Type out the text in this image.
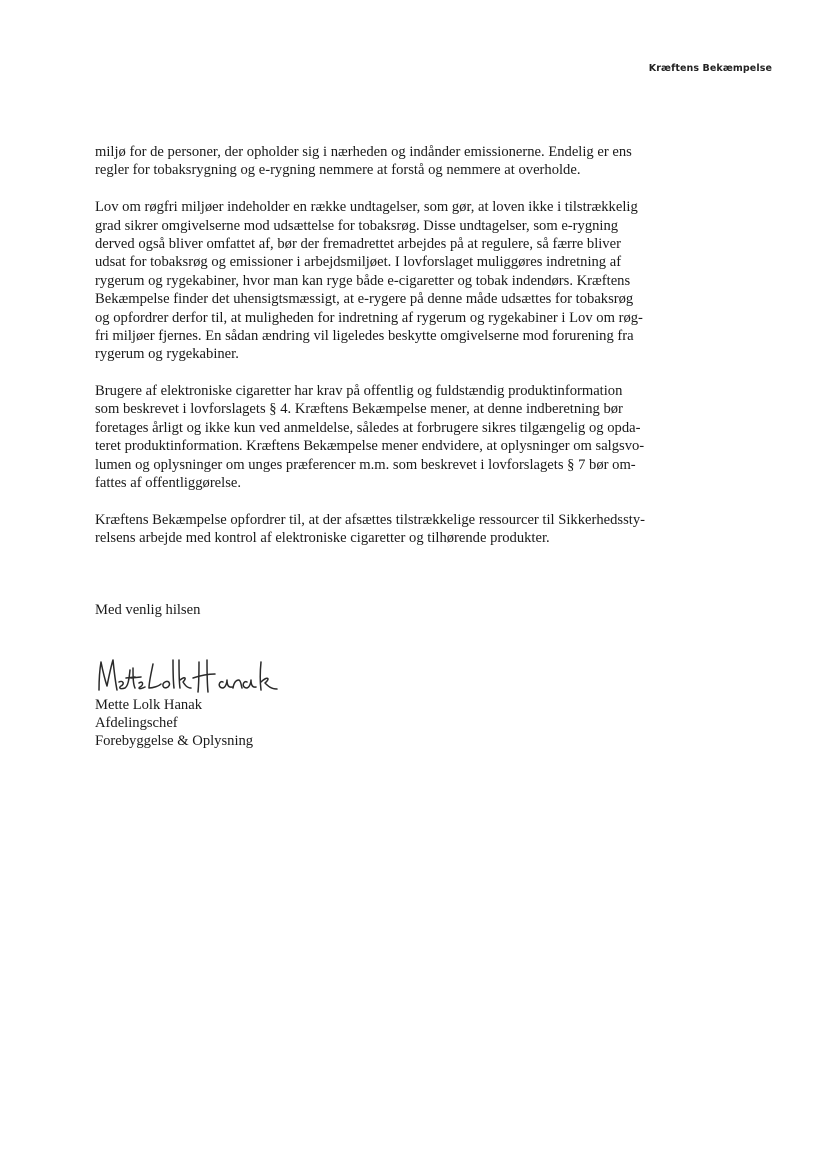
Kræftens Bekæmpelse
miljø for de personer, der opholder sig i nærheden og indånder emissionerne. Endelig er ens
regler for tobaksrygning og e-rygning nemmere at forstå og nemmere at overholde.
Lov om røgfri miljøer indeholder en række undtagelser, som gør, at loven ikke i tilstrækkelig
grad sikrer omgivelserne mod udsættelse for tobaksrøg. Disse undtagelser, som e-rygning
derved også bliver omfattet af, bør der fremadrettet arbejdes på at regulere, så færre bliver
udsat for tobaksrøg og emissioner i arbejdsmiljøet. I lovforslaget muliggøres indretning af
rygerum og rygekabiner, hvor man kan ryge både e-cigaretter og tobak indendørs. Kræftens
Bekæmpelse finder det uhensigtsmæssigt, at e-rygere på denne måde udsættes for tobaksrøg
og opfordrer derfor til, at muligheden for indretning af rygerum og rygekabiner i Lov om røg-
fri miljøer fjernes. En sådan ændring vil ligeledes beskytte omgivelserne mod forurening fra
rygerum og rygekabiner.
Brugere af elektroniske cigaretter har krav på offentlig og fuldstændig produktinformation
som beskrevet i lovforslagets § 4. Kræftens Bekæmpelse mener, at denne indberetning bør
foretages årligt og ikke kun ved anmeldelse, således at forbrugere sikres tilgængelig og opda-
teret produktinformation. Kræftens Bekæmpelse mener endvidere, at oplysninger om salgsvo-
lumen og oplysninger om unges præferencer m.m. som beskrevet i lovforslagets § 7 bør om-
fattes af offentliggørelse.
Kræftens Bekæmpelse opfordrer til, at der afsættes tilstrækkelige ressourcer til Sikkerhedssty-
relsens arbejde med kontrol af elektroniske cigaretter og tilhørende produkter.
Med venlig hilsen
Mette Lolk Hanak
Afdelingschef
Forebyggelse & Oplysning
